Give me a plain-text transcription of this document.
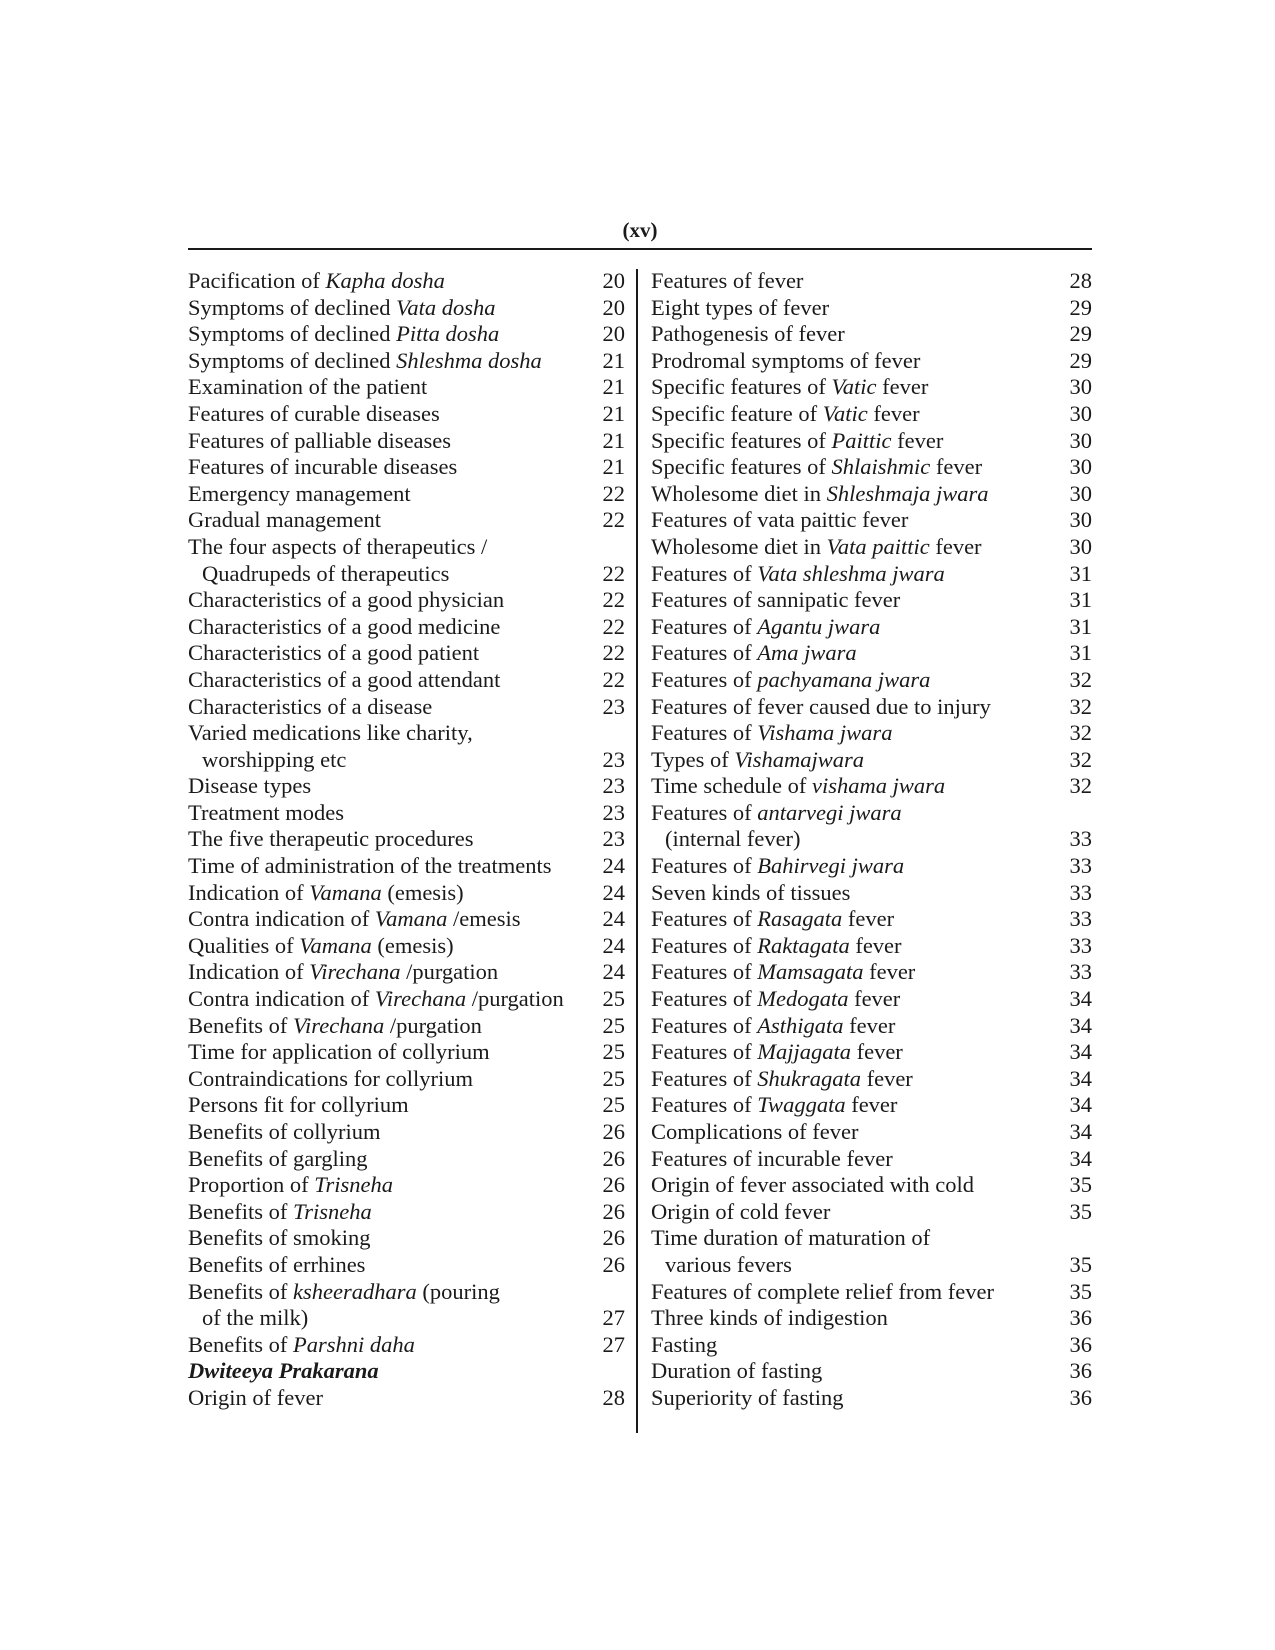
(xv)
Pacification of Kapha dosha	20
Symptoms of declined Vata dosha	20
Symptoms of declined Pitta dosha	20
Symptoms of declined Shleshma dosha	21
Examination of the patient	21
Features of curable diseases	21
Features of palliable diseases	21
Features of incurable diseases	21
Emergency management	22
Gradual management	22
The four aspects of therapeutics /
Quadrupeds of therapeutics	22
Characteristics of a good physician	22
Characteristics of a good medicine	22
Characteristics of a good patient	22
Characteristics of a good attendant	22
Characteristics of a disease	23
Varied medications like charity,
worshipping etc	23
Disease types	23
Treatment modes	23
The five therapeutic procedures	23
Time of administration of the treatments	24
Indication of Vamana (emesis)	24
Contra indication of Vamana /emesis	24
Qualities of Vamana (emesis)	24
Indication of Virechana /purgation	24
Contra indication of Virechana /purgation	25
Benefits of Virechana /purgation	25
Time for application of collyrium	25
Contraindications for collyrium	25
Persons fit for collyrium	25
Benefits of collyrium	26
Benefits of gargling	26
Proportion of Trisneha	26
Benefits of Trisneha	26
Benefits of smoking	26
Benefits of errhines	26
Benefits of ksheeradhara (pouring
of the milk)	27
Benefits of Parshni daha	27
Dwiteeya Prakarana
Origin of fever	28
Features of fever	28
Eight types of fever	29
Pathogenesis of fever	29
Prodromal symptoms of fever	29
Specific features of Vatic fever	30
Specific feature of Vatic fever	30
Specific features of Paittic fever	30
Specific features of Shlaishmic fever	30
Wholesome diet in Shleshmaja jwara	30
Features of vata paittic fever	30
Wholesome diet in Vata paittic fever	30
Features of Vata shleshma jwara	31
Features of sannipatic fever	31
Features of Agantu jwara	31
Features of Ama jwara	31
Features of pachyamana jwara	32
Features of fever caused due to injury	32
Features of Vishama jwara	32
Types of Vishamajwara	32
Time schedule of vishama jwara	32
Features of antarvegi jwara
(internal fever)	33
Features of Bahirvegi jwara	33
Seven kinds of tissues	33
Features of Rasagata fever	33
Features of Raktagata fever	33
Features of Mamsagata fever	33
Features of Medogata fever	34
Features of Asthigata fever	34
Features of Majjagata fever	34
Features of Shukragata fever	34
Features of Twaggata fever	34
Complications of fever	34
Features of incurable fever	34
Origin of fever associated with cold	35
Origin of cold fever	35
Time duration of maturation of
various fevers	35
Features of complete relief from fever	35
Three kinds of indigestion	36
Fasting	36
Duration of fasting	36
Superiority of fasting	36
